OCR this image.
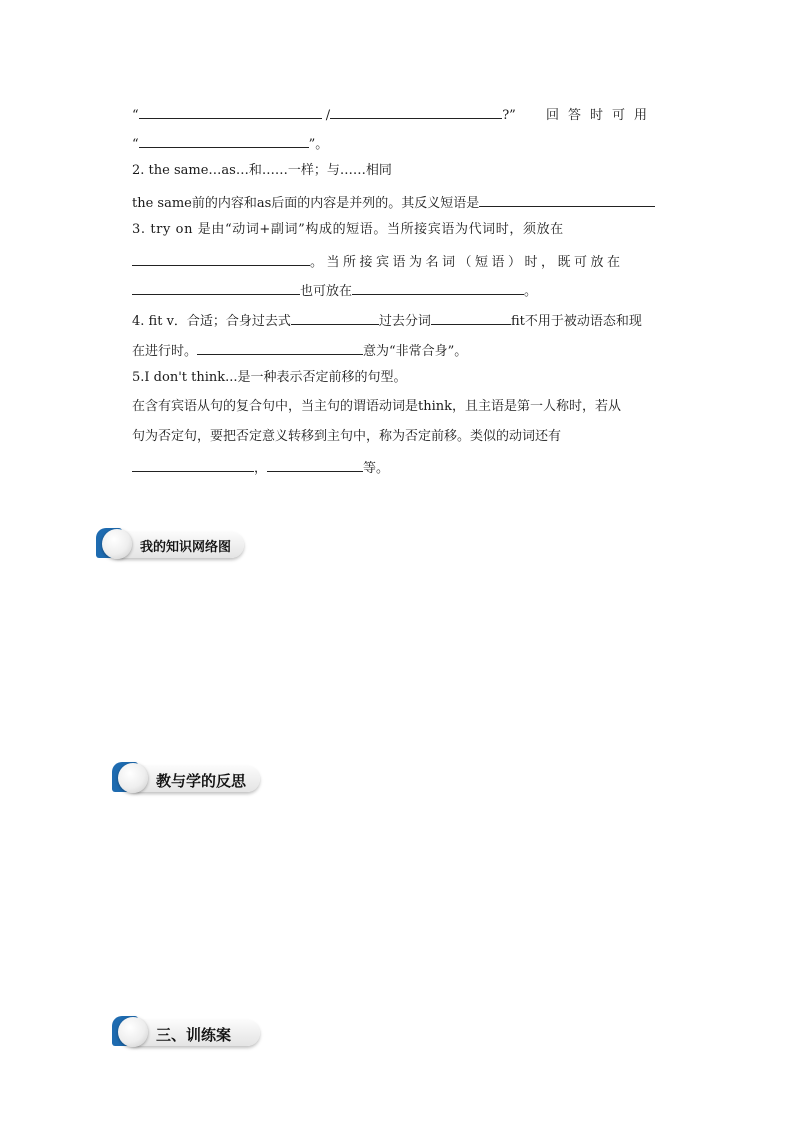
“	/	?” 回答时可用
“	”。
2. the same…as…和……一样；与……相同
the same前的内容和as后面的内容是并列的。其反义短语是
3. try on 是由“动词+副词”构成的短语。当所接宾语为代词时，须放在
。当所接宾语为名词（短语）时，既可放在
也可放在	。
4. fit v．合适；合身过去式	过去分词	fit不用于被动语态和现
在进行时。	意为“非常合身”。
5.I don't think...是一种表示否定前移的句型。
在含有宾语从句的复合句中，当主句的谓语动词是think，且主语是第一人称时，若从
句为否定句，要把否定意义转移到主句中，称为否定前移。类似的动词还有
，	等。
我的知识网络图
教与学的反思
三、训练案
